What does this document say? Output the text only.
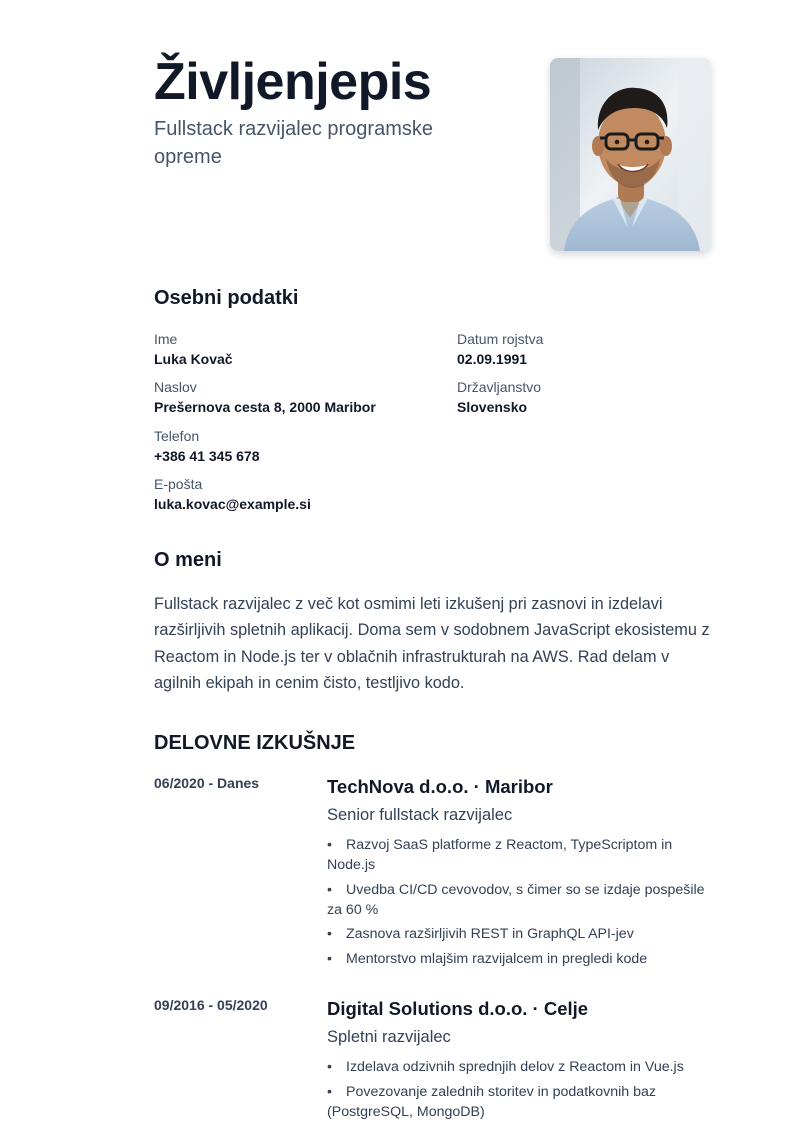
Življenjepis

Fullstack razvijalec programske opreme

Osebni podatki
Ime
Luka Kovač
Naslov
Prešernova cesta 8, 2000 Maribor
Telefon
+386 41 345 678
E-pošta
luka.kovac@example.si
Datum rojstva
02.09.1991
Državljanstvo
Slovensko
O meni

Fullstack razvijalec z več kot osmimi leti izkušenj pri zasnovi in izdelavi razširljivih spletnih aplikacij. Doma sem v sodobnem JavaScript ekosistemu z Reactom in Node.js ter v oblačnih infrastrukturah na AWS. Rad delam v agilnih ekipah in cenim čisto, testljivo kodo.

DELOVNE IZKUŠNJE
06/2020 - Danes	TechNova d.o.o. · Maribor

Senior fullstack razvijalec

• Razvoj SaaS platforme z Reactom, TypeScriptom in Node.js
• Uvedba CI/CD cevovodov, s čimer so se izdaje pospešile za 60 %
• Zasnova razširljivih REST in GraphQL API-jev
• Mentorstvo mlajšim razvijalcem in pregledi kode
09/2016 - 05/2020	Digital Solutions d.o.o. · Celje

Spletni razvijalec

• Izdelava odzivnih sprednjih delov z Reactom in Vue.js
• Povezovanje zalednih storitev in podatkovnih baz (PostgreSQL, MongoDB)
